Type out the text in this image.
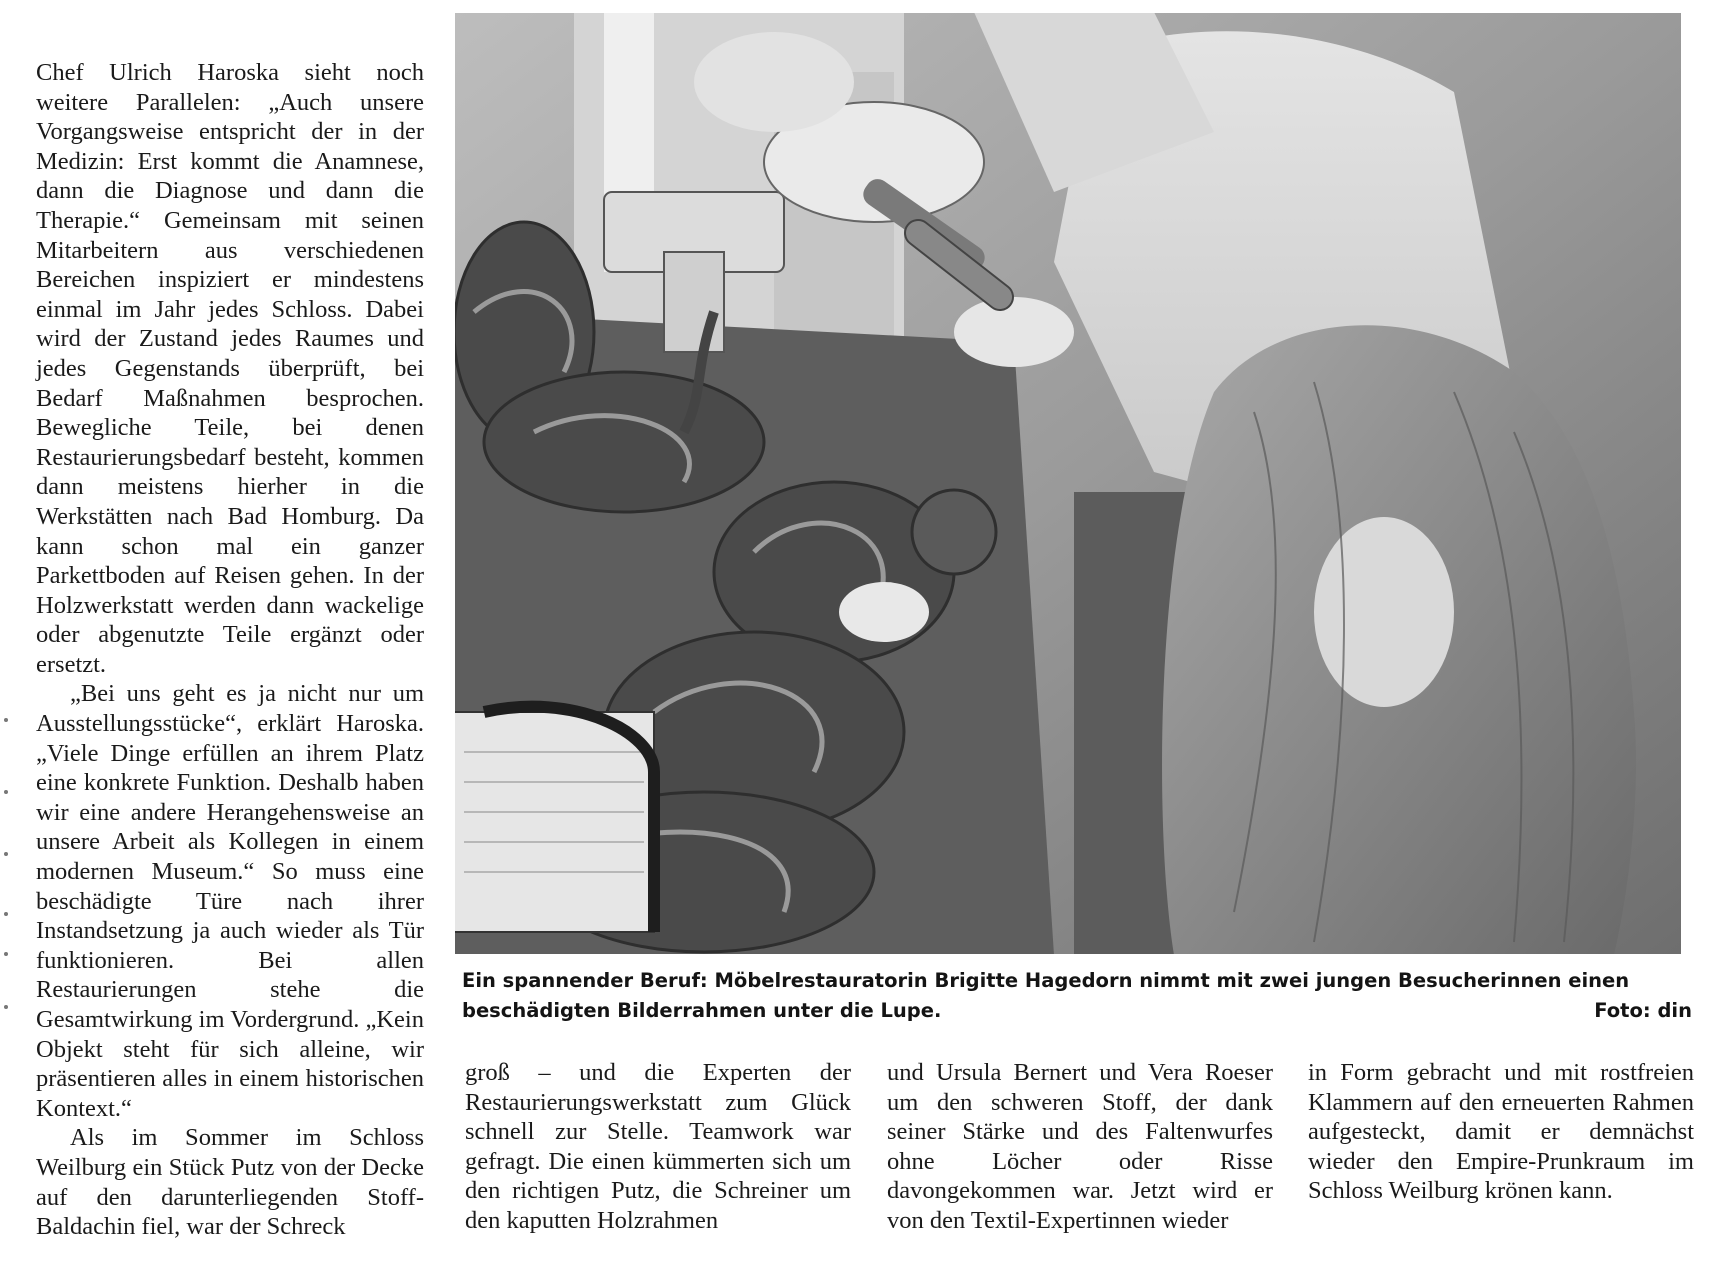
Chef Ulrich Haroska sieht noch weitere Parallelen: „Auch unsere Vorgangsweise entspricht der in der Medizin: Erst kommt die Anamnese, dann die Diagnose und dann die Therapie.“ Gemeinsam mit seinen Mitarbeitern aus verschiedenen Bereichen inspiziert er mindestens einmal im Jahr jedes Schloss. Dabei wird der Zustand jedes Raumes und jedes Gegenstands überprüft, bei Bedarf Maßnahmen besprochen. Bewegliche Teile, bei denen Restaurierungsbedarf besteht, kommen dann meistens hierher in die Werkstätten nach Bad Homburg. Da kann schon mal ein ganzer Parkettboden auf Reisen gehen. In der Holzwerkstatt werden dann wackelige oder abgenutzte Teile ergänzt oder ersetzt.

„Bei uns geht es ja nicht nur um Ausstellungsstücke“, erklärt Haroska. „Viele Dinge erfüllen an ihrem Platz eine konkrete Funktion. Deshalb haben wir eine andere Herangehensweise an unsere Arbeit als Kollegen in einem modernen Museum.“ So muss eine beschädigte Türe nach ihrer Instandsetzung ja auch wieder als Tür funktionieren. Bei allen Restaurierungen stehe die Gesamtwirkung im Vordergrund. „Kein Objekt steht für sich alleine, wir präsentieren alles in einem historischen Kontext.“

Als im Sommer im Schloss Weilburg ein Stück Putz von der Decke auf den darunterliegenden Stoff-Baldachin fiel, war der Schreck

Ein spannender Beruf: Möbelrestauratorin Brigitte Hagedorn nimmt mit zwei jungen Besucherinnen einen beschädigten Bilderrahmen unter die Lupe.	Foto: din

groß – und die Experten der Restaurierungswerkstatt zum Glück schnell zur Stelle. Teamwork war gefragt. Die einen kümmerten sich um den richtigen Putz, die Schreiner um den kaputten Holzrahmen

und Ursula Bernert und Vera Roeser um den schweren Stoff, der dank seiner Stärke und des Faltenwurfes ohne Löcher oder Risse davongekommen war. Jetzt wird er von den Textil-Expertinnen wieder

in Form gebracht und mit rostfreien Klammern auf den erneuerten Rahmen aufgesteckt, damit er demnächst wieder den Empire-Prunkraum im Schloss Weilburg krönen kann.
